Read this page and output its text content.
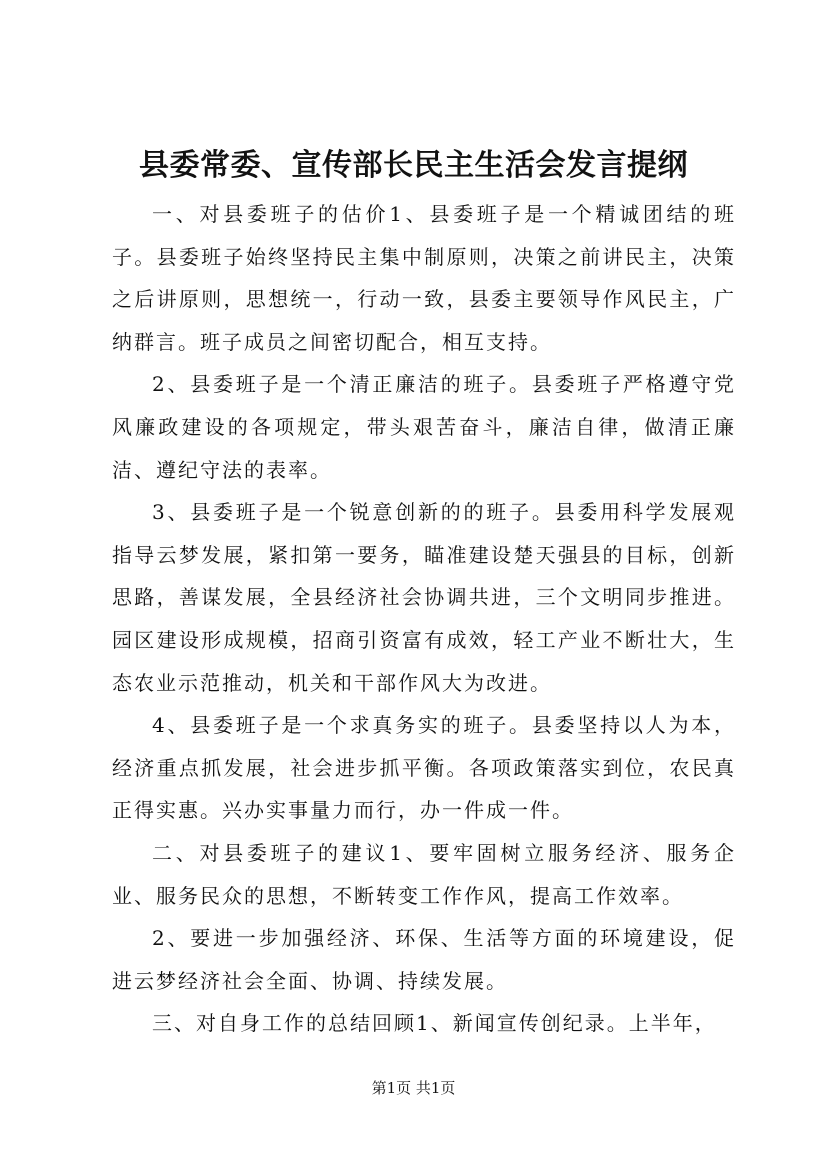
县委常委、宣传部长民主生活会发言提纲

一、对县委班子的估价1、县委班子是一个精诚团结的班子。县委班子始终坚持民主集中制原则，决策之前讲民主，决策之后讲原则，思想统一，行动一致，县委主要领导作风民主，广纳群言。班子成员之间密切配合，相互支持。

2、县委班子是一个清正廉洁的班子。县委班子严格遵守党风廉政建设的各项规定，带头艰苦奋斗，廉洁自律，做清正廉洁、遵纪守法的表率。

3、县委班子是一个锐意创新的的班子。县委用科学发展观指导云梦发展，紧扣第一要务，瞄准建设楚天强县的目标，创新思路，善谋发展，全县经济社会协调共进，三个文明同步推进。园区建设形成规模，招商引资富有成效，轻工产业不断壮大，生态农业示范推动，机关和干部作风大为改进。

4、县委班子是一个求真务实的班子。县委坚持以人为本，经济重点抓发展，社会进步抓平衡。各项政策落实到位，农民真正得实惠。兴办实事量力而行，办一件成一件。

二、对县委班子的建议1、要牢固树立服务经济、服务企业、服务民众的思想，不断转变工作作风，提高工作效率。

2、要进一步加强经济、环保、生活等方面的环境建设，促进云梦经济社会全面、协调、持续发展。

三、对自身工作的总结回顾1、新闻宣传创纪录。上半年，

第1页 共1页
